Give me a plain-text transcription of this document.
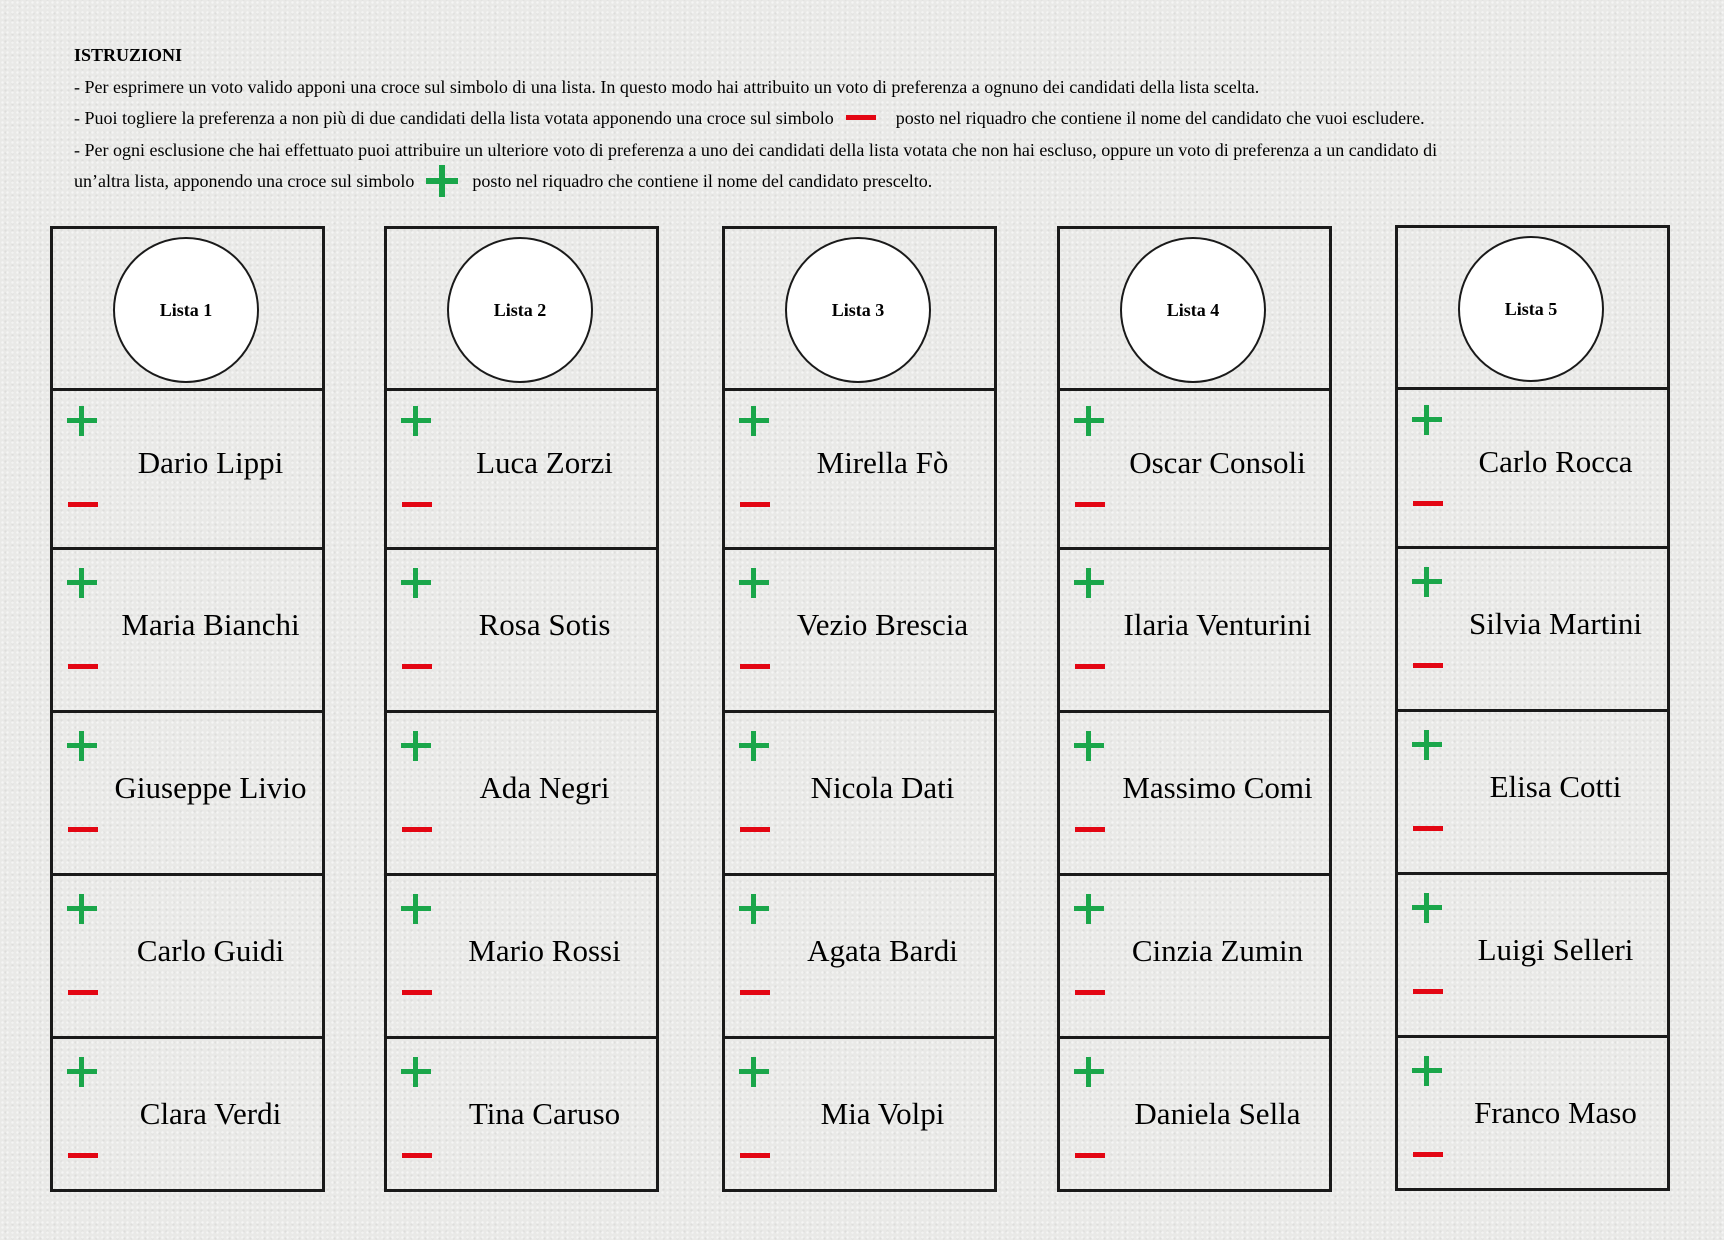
ISTRUZIONI
- Per esprimere un voto valido apponi una croce sul simbolo di una lista. In questo modo hai attribuito un voto di preferenza a ognuno dei candidati della lista scelta.
- Puoi togliere la preferenza a non più di due candidati della lista votata apponendo una croce sul simbolo	posto nel riquadro che contiene il nome del candidato che vuoi escludere.
- Per ogni esclusione che hai effettuato puoi attribuire un ulteriore voto di preferenza a uno dei candidati della lista votata che non hai escluso, oppure un voto di preferenza a un candidato di
un’altra lista, apponendo una croce sul simbolo	posto nel riquadro che contiene il nome del candidato prescelto.
Lista 1
Dario Lippi
Maria Bianchi
Giuseppe Livio
Carlo Guidi
Clara Verdi
Lista 2
Luca Zorzi
Rosa Sotis
Ada Negri
Mario Rossi
Tina Caruso
Lista 3
Mirella Fò
Vezio Brescia
Nicola Dati
Agata Bardi
Mia Volpi
Lista 4
Oscar Consoli
Ilaria Venturini
Massimo Comi
Cinzia Zumin
Daniela Sella
Lista 5
Carlo Rocca
Silvia Martini
Elisa Cotti
Luigi Selleri
Franco Maso
